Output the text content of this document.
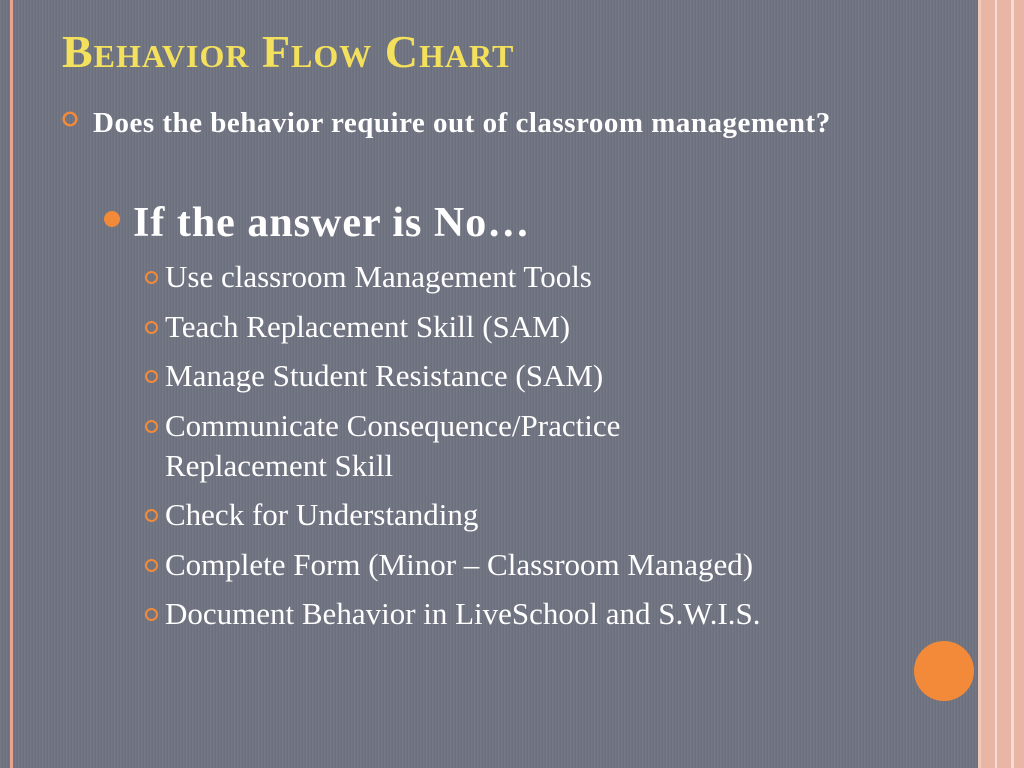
Behavior Flow Chart
⭘ Does the behavior require out of classroom management?
If the answer is No…
Use classroom Management Tools
Teach Replacement Skill (SAM)
Manage Student Resistance (SAM)
Communicate Consequence/Practice Replacement Skill
Check for Understanding
Complete Form (Minor – Classroom Managed)
Document Behavior in LiveSchool and S.W.I.S.
